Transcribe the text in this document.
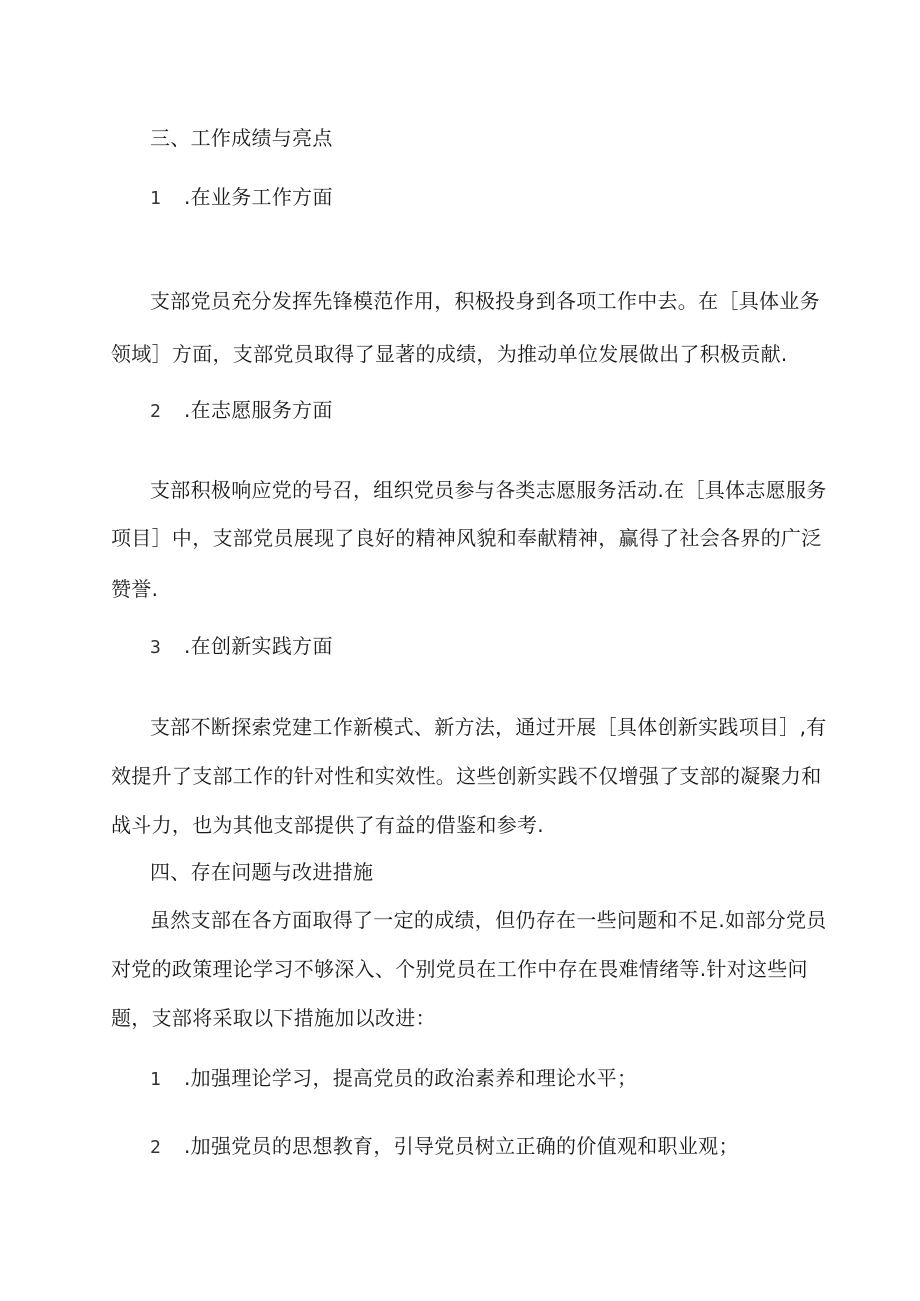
三、工作成绩与亮点
1 .在业务工作方面
支部党员充分发挥先锋模范作用，积极投身到各项工作中去。在［具体业务
领域］方面，支部党员取得了显著的成绩，为推动单位发展做出了积极贡献.
2 .在志愿服务方面
支部积极响应党的号召，组织党员参与各类志愿服务活动.在［具体志愿服务
项目］中，支部党员展现了良好的精神风貌和奉献精神，赢得了社会各界的广泛
赞誉.
3 .在创新实践方面
支部不断探索党建工作新模式、新方法，通过开展［具体创新实践项目］,有
效提升了支部工作的针对性和实效性。这些创新实践不仅增强了支部的凝聚力和
战斗力，也为其他支部提供了有益的借鉴和参考.
四、存在问题与改进措施
虽然支部在各方面取得了一定的成绩，但仍存在一些问题和不足.如部分党员
对党的政策理论学习不够深入、个别党员在工作中存在畏难情绪等.针对这些问
题，支部将采取以下措施加以改进：
1 .加强理论学习，提高党员的政治素养和理论水平；
2 .加强党员的思想教育，引导党员树立正确的价值观和职业观；
